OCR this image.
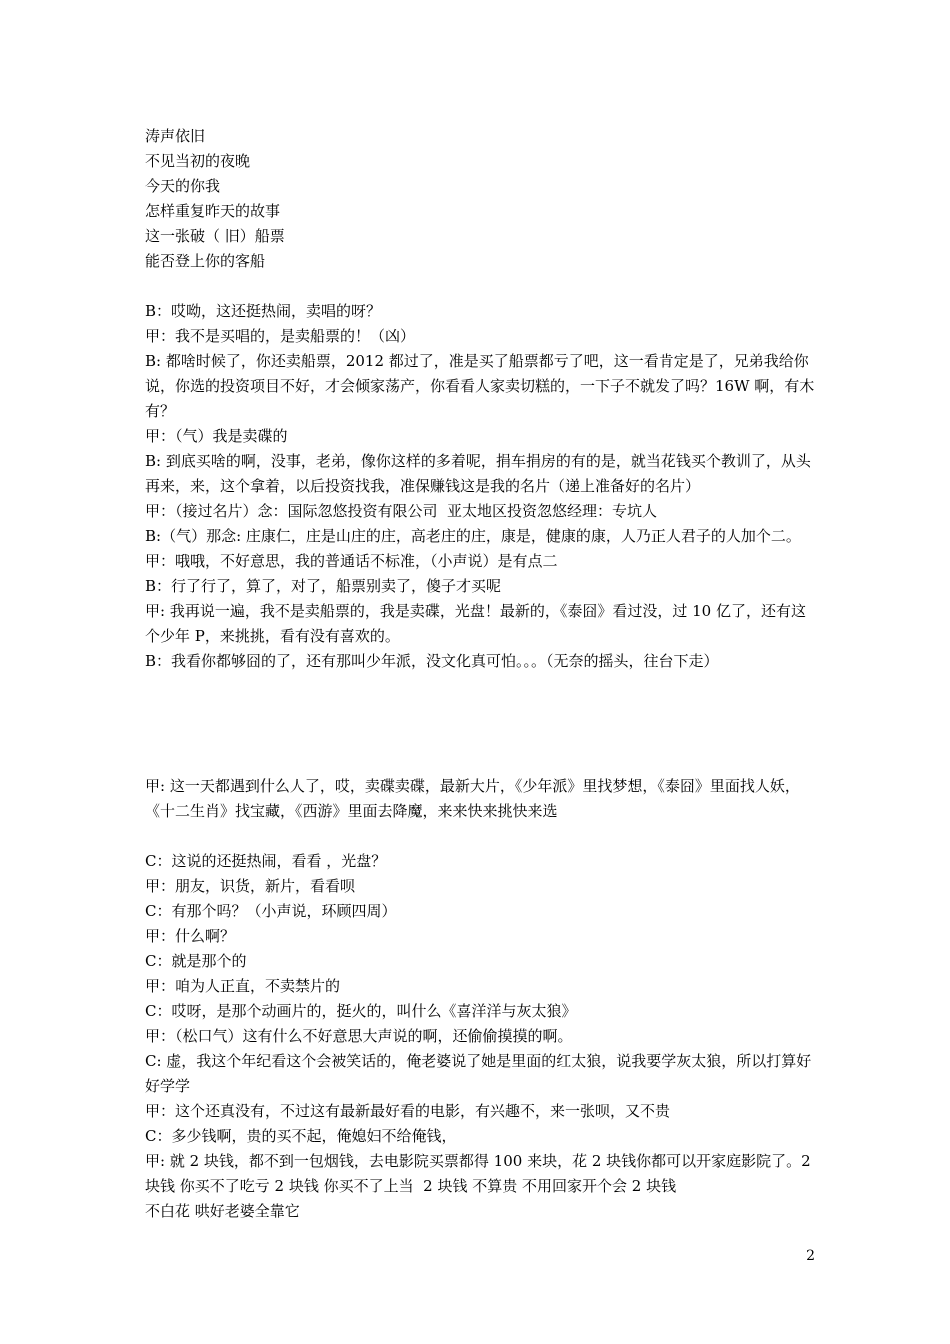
涛声依旧
不见当初的夜晚
今天的你我
怎样重复昨天的故事
这一张破（ 旧）船票
能否登上你的客船
B：哎呦，这还挺热闹，卖唱的呀？
甲：我不是买唱的，是卖船票的！（凶）
B: 都啥时候了，你还卖船票，2012 都过了，准是买了船票都亏了吧，这一看肯定是了，兄弟我给你说，你选的投资项目不好，才会倾家荡产，你看看人家卖切糕的，一下子不就发了吗？16W 啊，有木有？
甲：（气）我是卖碟的
B: 到底买啥的啊，没事，老弟，像你这样的多着呢，捐车捐房的有的是，就当花钱买个教训了，从头再来，来，这个拿着，以后投资找我，准保赚钱这是我的名片（递上准备好的名片）
甲：（接过名片）念：国际忽悠投资有限公司  亚太地区投资忽悠经理：专坑人
B:（气）那念: 庄康仁，庄是山庄的庄，高老庄的庄，康是，健康的康，人乃正人君子的人加个二。
甲：哦哦，不好意思，我的普通话不标准，（小声说）是有点二
B：行了行了，算了，对了，船票别卖了，傻子才买呢
甲: 我再说一遍，我不是卖船票的，我是卖碟，光盘！最新的，《泰囧》看过没，过 10 亿了，还有这个少年 P，来挑挑，看有没有喜欢的。
B：我看你都够囧的了，还有那叫少年派，没文化真可怕。。。（无奈的摇头，往台下走）
甲: 这一天都遇到什么人了，哎，卖碟卖碟，最新大片，《少年派》里找梦想，《泰囧》里面找人妖，《十二生肖》找宝藏，《西游》里面去降魔，来来快来挑快来选
C：这说的还挺热闹，看看 ，光盘？
甲：朋友，识货，新片，看看呗
C：有那个吗？（小声说，环顾四周）
甲：什么啊？
C：就是那个的
甲：咱为人正直，不卖禁片的
C：哎呀，是那个动画片的，挺火的，叫什么《喜洋洋与灰太狼》
甲：（松口气）这有什么不好意思大声说的啊，还偷偷摸摸的啊。
C: 虚，我这个年纪看这个会被笑话的，俺老婆说了她是里面的红太狼，说我要学灰太狼，所以打算好好学学
甲：这个还真没有，不过这有最新最好看的电影，有兴趣不，来一张呗，又不贵
C：多少钱啊，贵的买不起，俺媳妇不给俺钱，
甲: 就 2 块钱，都不到一包烟钱，去电影院买票都得 100 来块，花 2 块钱你都可以开家庭影院了。2 块钱 你买不了吃亏 2 块钱 你买不了上当  2 块钱 不算贵 不用回家开个会 2 块钱
不白花 哄好老婆全靠它
2
